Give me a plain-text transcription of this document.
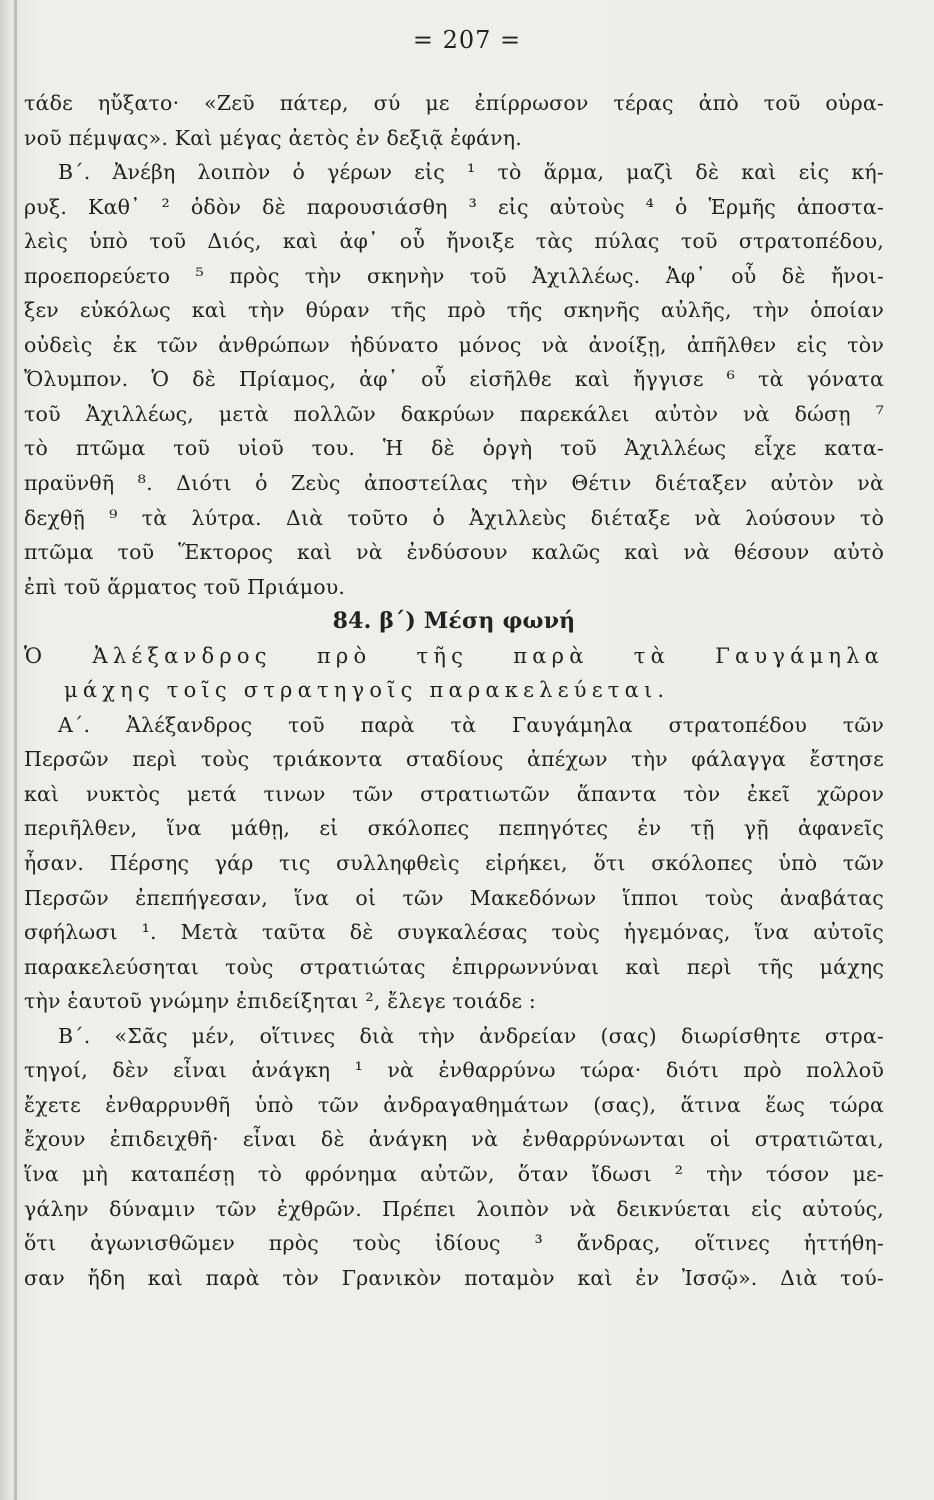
= 207 =
τάδε ηὔξατο· «Ζεῦ πάτερ, σύ με ἐπίρρωσον τέρας ἀπὸ τοῦ οὐρα-
νοῦ πέμψας». Καὶ μέγας ἀετὸς ἐν δεξιᾷ ἐφάνη.
Β΄. Ἀνέβη λοιπὸν ὁ γέρων εἰς ¹ τὸ ἅρμα, μαζὶ δὲ καὶ εἰς κή-
ρυξ. Καθ᾽ ² ὁδὸν δὲ παρουσιάσθη ³ εἰς αὐτοὺς ⁴ ὁ Ἑρμῆς ἀποστα-
λεὶς ὑπὸ τοῦ Διός, καὶ ἀφ᾽ οὗ ἤνοιξε τὰς πύλας τοῦ στρατοπέδου,
προεπορεύετο ⁵ πρὸς τὴν σκηνὴν τοῦ Ἀχιλλέως. Ἀφ᾽ οὗ δὲ ἤνοι-
ξεν εὐκόλως καὶ τὴν θύραν τῆς πρὸ τῆς σκηνῆς αὐλῆς, τὴν ὁποίαν
οὐδεὶς ἐκ τῶν ἀνθρώπων ἠδύνατο μόνος νὰ ἀνοίξῃ, ἀπῆλθεν εἰς τὸν
Ὄλυμπον. Ὁ δὲ Πρίαμος, ἀφ᾽ οὗ εἰσῆλθε καὶ ἤγγισε ⁶ τὰ γόνατα
τοῦ Ἀχιλλέως, μετὰ πολλῶν δακρύων παρεκάλει αὐτὸν νὰ δώσῃ ⁷
τὸ πτῶμα τοῦ υἱοῦ του. Ἡ δὲ ὀργὴ τοῦ Ἀχιλλέως εἶχε κατα-
πραϋνθῆ ⁸. Διότι ὁ Ζεὺς ἀποστείλας τὴν Θέτιν διέταξεν αὐτὸν νὰ
δεχθῇ ⁹ τὰ λύτρα. Διὰ τοῦτο ὁ Ἀχιλλεὺς διέταξε νὰ λούσουν τὸ
πτῶμα τοῦ Ἕκτορος καὶ νὰ ἐνδύσουν καλῶς καὶ νὰ θέσουν αὐτὸ
ἐπὶ τοῦ ἅρματος τοῦ Πριάμου.
84. β΄) Μέση φωνή
Ὁ Ἀλέξανδρος πρὸ τῆς παρὰ τὰ Γαυγάμηλα
μάχης τοῖς στρατηγοῖς παρακελεύεται.
Α΄. Ἀλέξανδρος τοῦ παρὰ τὰ Γαυγάμηλα στρατοπέδου τῶν
Περσῶν περὶ τοὺς τριάκοντα σταδίους ἀπέχων τὴν φάλαγγα ἔστησε
καὶ νυκτὸς μετά τινων τῶν στρατιωτῶν ἅπαντα τὸν ἐκεῖ χῶρον
περιῆλθεν, ἵνα μάθῃ, εἰ σκόλοπες πεπηγότες ἐν τῇ γῇ ἀφανεῖς
ἦσαν. Πέρσης γάρ τις συλληφθεὶς εἰρήκει, ὅτι σκόλοπες ὑπὸ τῶν
Περσῶν ἐπεπήγεσαν, ἵνα οἱ τῶν Μακεδόνων ἵπποι τοὺς ἀναβάτας
σφήλωσι ¹. Μετὰ ταῦτα δὲ συγκαλέσας τοὺς ἡγεμόνας, ἵνα αὐτοῖς
παρακελεύσηται τοὺς στρατιώτας ἐπιρρωννύναι καὶ περὶ τῆς μάχης
τὴν ἑαυτοῦ γνώμην ἐπιδείξηται ², ἔλεγε τοιάδε :
Β΄. «Σᾶς μέν, οἵτινες διὰ τὴν ἀνδρείαν (σας) διωρίσθητε στρα-
τηγοί, δὲν εἶναι ἀνάγκη ¹ νὰ ἐνθαρρύνω τώρα· διότι πρὸ πολλοῦ
ἔχετε ἐνθαρρυνθῆ ὑπὸ τῶν ἀνδραγαθημάτων (σας), ἅτινα ἕως τώρα
ἔχουν ἐπιδειχθῆ· εἶναι δὲ ἀνάγκη νὰ ἐνθαρρύνωνται οἱ στρατιῶται,
ἵνα μὴ καταπέσῃ τὸ φρόνημα αὐτῶν, ὅταν ἴδωσι ² τὴν τόσον με-
γάλην δύναμιν τῶν ἐχθρῶν. Πρέπει λοιπὸν νὰ δεικνύεται εἰς αὐτούς,
ὅτι ἀγωνισθῶμεν πρὸς τοὺς ἰδίους ³ ἄνδρας, οἵτινες ἡττήθη-
σαν ἤδη καὶ παρὰ τὸν Γρανικὸν ποταμὸν καὶ ἐν Ἰσσῷ». Διὰ τού-
